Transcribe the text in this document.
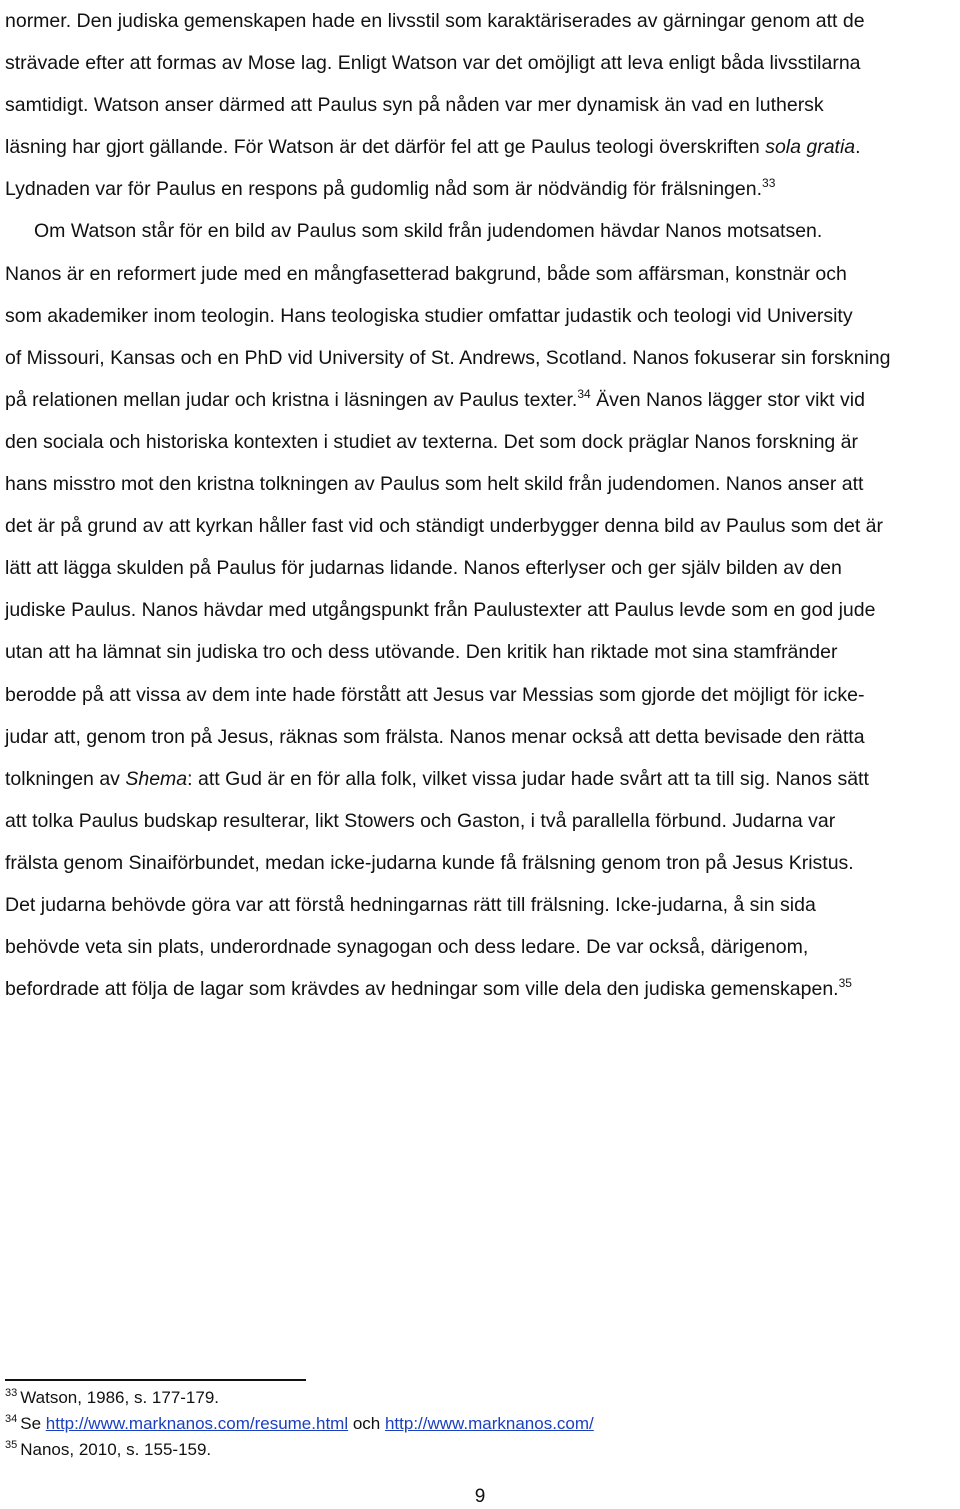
normer. Den judiska gemenskapen hade en livsstil som karaktäriserades av gärningar genom att de
strävade efter att formas av Mose lag. Enligt Watson var det omöjligt att leva enligt båda livsstilarna
samtidigt. Watson anser därmed att Paulus syn på nåden var mer dynamisk än vad en luthersk
läsning har gjort gällande. För Watson är det därför fel att ge Paulus teologi överskriften sola gratia.
Lydnaden var för Paulus en respons på gudomlig nåd som är nödvändig för frälsningen.$^{33}$
Om Watson står för en bild av Paulus som skild från judendomen hävdar Nanos motsatsen.
Nanos är en reformert jude med en mångfasetterad bakgrund, både som affärsman, konstnär och
som akademiker inom teologin. Hans teologiska studier omfattar judastik och teologi vid University
of Missouri, Kansas och en PhD vid University of St. Andrews, Scotland. Nanos fokuserar sin forskning
på relationen mellan judar och kristna i läsningen av Paulus texter.$^{34}$ Även Nanos lägger stor vikt vid
den sociala och historiska kontexten i studiet av texterna. Det som dock präglar Nanos forskning är
hans misstro mot den kristna tolkningen av Paulus som helt skild från judendomen. Nanos anser att
det är på grund av att kyrkan håller fast vid och ständigt underbygger denna bild av Paulus som det är
lätt att lägga skulden på Paulus för judarnas lidande. Nanos efterlyser och ger själv bilden av den
judiske Paulus. Nanos hävdar med utgångspunkt från Paulustexter att Paulus levde som en god jude
utan att ha lämnat sin judiska tro och dess utövande. Den kritik han riktade mot sina stamfränder
berodde på att vissa av dem inte hade förstått att Jesus var Messias som gjorde det möjligt för icke-
judar att, genom tron på Jesus, räknas som frälsta. Nanos menar också att detta bevisade den rätta
tolkningen av Shema: att Gud är en för alla folk, vilket vissa judar hade svårt att ta till sig. Nanos sätt
att tolka Paulus budskap resulterar, likt Stowers och Gaston, i två parallella förbund. Judarna var
frälsta genom Sinaiförbundet, medan icke-judarna kunde få frälsning genom tron på Jesus Kristus.
Det judarna behövde göra var att förstå hedningarnas rätt till frälsning. Icke-judarna, å sin sida
behövde veta sin plats, underordnade synagogan och dess ledare. De var också, därigenom,
befordrade att följa de lagar som krävdes av hedningar som ville dela den judiska gemenskapen.$^{35}$
$^{33}$ Watson, 1986, s. 177-179.
$^{34}$ Se http://www.marknanos.com/resume.html och http://www.marknanos.com/
$^{35}$ Nanos, 2010, s. 155-159.
9
